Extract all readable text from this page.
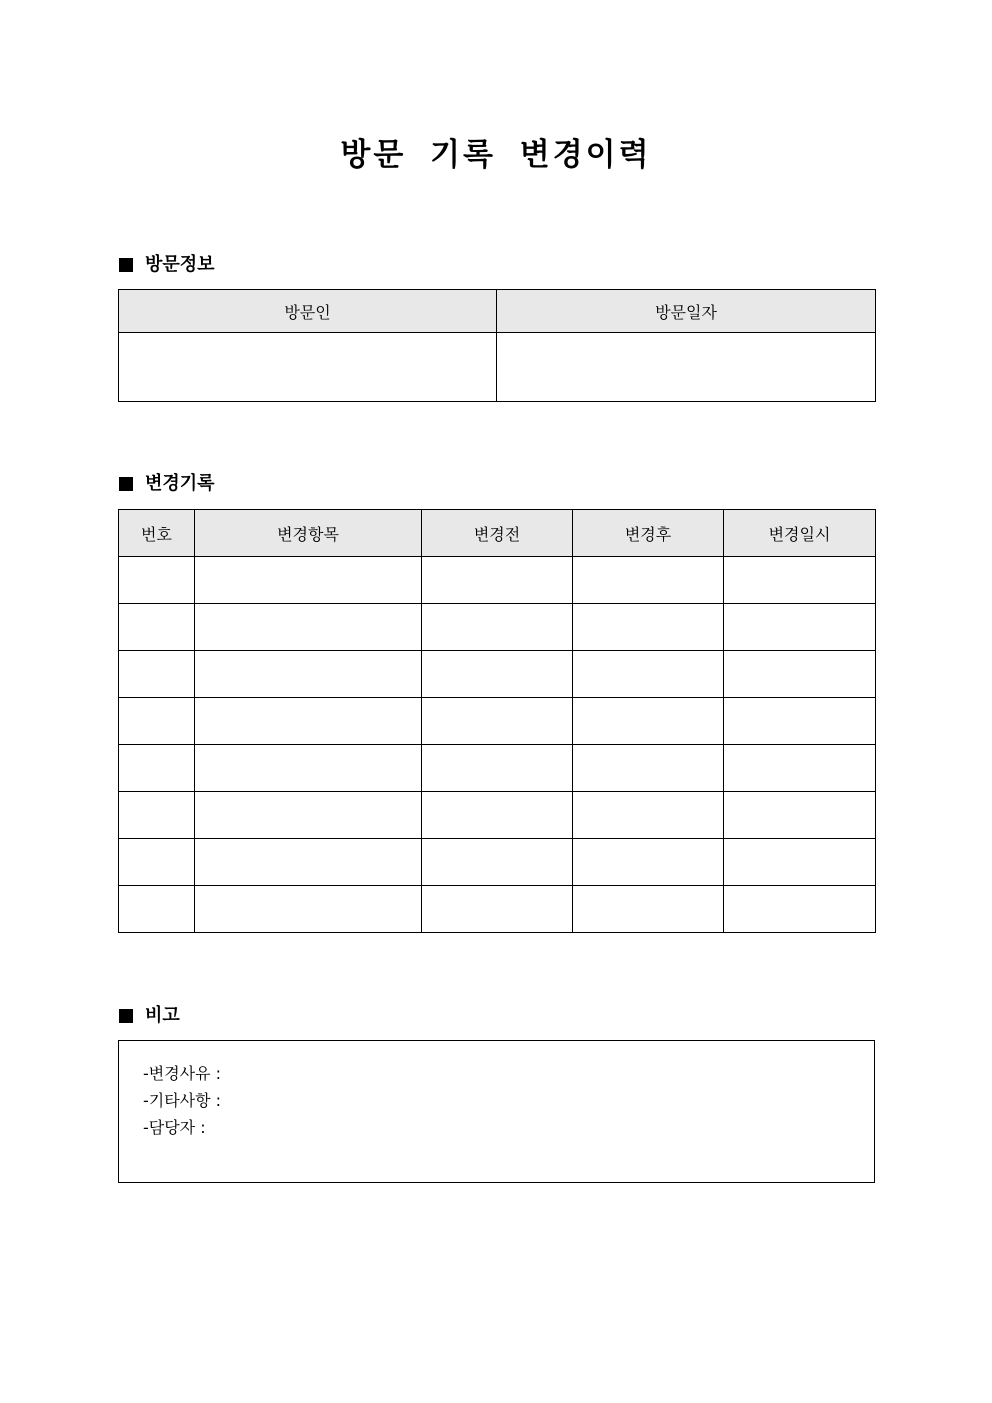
방문 기록 변경이력
방문정보
방문인	방문일자

변경기록
번호	변경항목	변경전	변경후	변경일시

비고
-변경사유 :
-기타사항 :
-담당자 :
